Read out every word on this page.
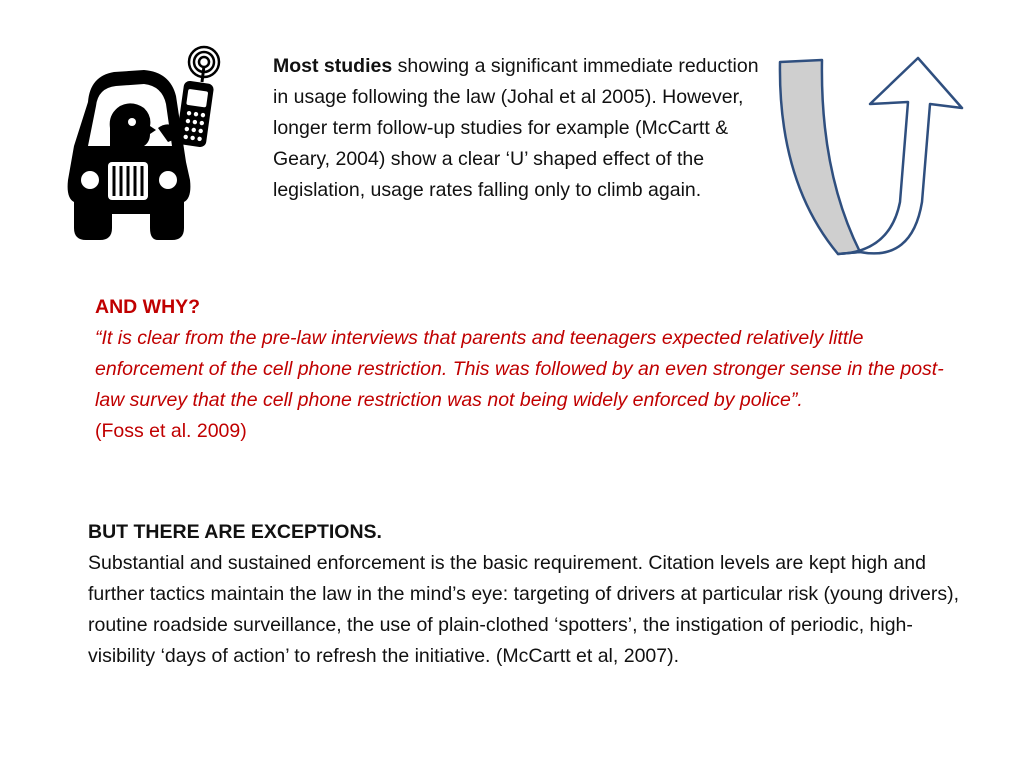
Most studies showing a significant immediate reduction in usage following the law (Johal et al 2005). However, longer term follow-up studies for example (McCartt & Geary, 2004) show a clear ‘U’ shaped effect of the legislation, usage rates falling only to climb again.

AND WHY?
“It is clear from the pre-law interviews that parents and teenagers expected relatively little enforcement of the cell phone restriction. This was followed by an even stronger sense in the post-law survey that the cell phone restriction was not being widely enforced by police”.
(Foss et al. 2009)

BUT THERE ARE EXCEPTIONS.
Substantial and sustained enforcement is the basic requirement. Citation levels are kept high and further tactics maintain the law in the mind’s eye: targeting of drivers at particular risk (young drivers), routine roadside surveillance, the use of plain-clothed ‘spotters’, the instigation of periodic, high-visibility ‘days of action’ to refresh the initiative. (McCartt et al, 2007).
